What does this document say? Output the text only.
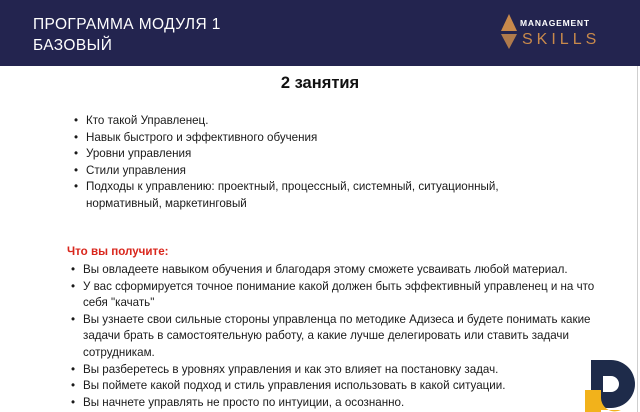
ПРОГРАММА МОДУЛЯ 1
БАЗОВЫЙ
MANAGEMENT
SKILLS
2 занятия
• Кто такой Управленец.
• Навык быстрого и эффективного обучения
• Уровни управления
• Стили управления
• Подходы к управлению: проектный, процессный, системный, ситуационный, нормативный, маркетинговый
Что вы получите:
• Вы овладеете навыком обучения и благодаря этому сможете усваивать любой материал.
• У вас сформируется точное понимание какой должен быть эффективный управленец и на что себя "качать"
• Вы узнаете свои сильные стороны управленца по методике Адизеса и будете понимать какие задачи брать в самостоятельную работу, а какие лучше делегировать или ставить задачи сотрудникам.
• Вы разберетесь в уровнях управления и как это влияет на постановку задач.
• Вы поймете какой подход и стиль управления использовать в какой ситуации.
• Вы начнете управлять не просто по интуиции, а осознанно.
